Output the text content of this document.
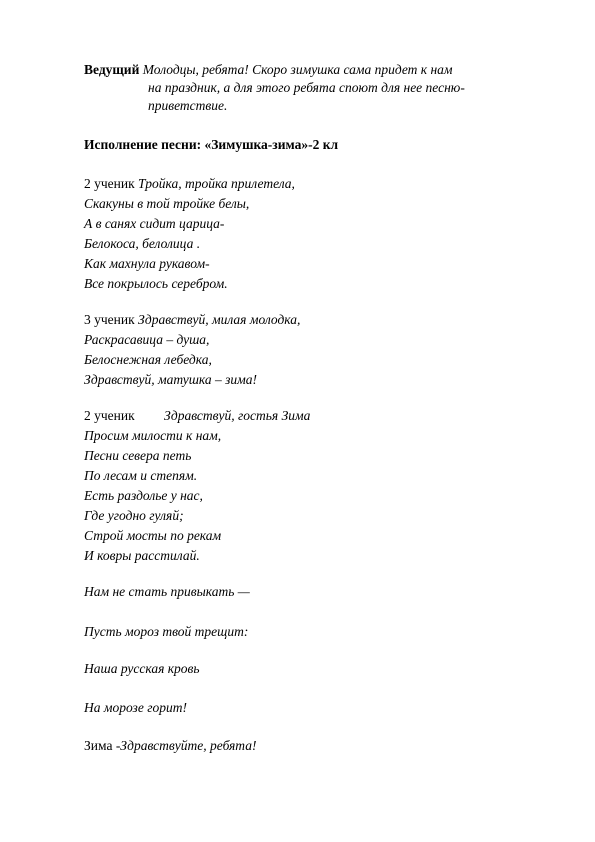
Ведущий Молодцы, ребята! Скоро зимушка сама придет к нам
на праздник, а для этого ребята споют для нее песню-
приветствие.
Исполнение песни: «Зимушка-зима»-2 кл
2 ученик Тройка, тройка прилетела,
Скакуны в той тройке белы,
А в санях сидит царица-
Белокоса, белолица .
Как махнула рукавом-
Все покрылось серебром.
3 ученик Здравствуй, милая молодка,
Раскрасавица – душа,
Белоснежная лебедка,
Здравствуй, матушка – зима!
2 ученик Здравствуй, гостья Зима
Просим милости к нам,
Песни севера петь
По лесам и степям.
Есть раздолье у нас,
Где угодно гуляй;
Строй мосты по рекам
И ковры расстилай.
Нам не стать привыкать —
Пусть мороз твой трещит:
Наша русская кровь
На морозе горит!
Зима -Здравствуйте, ребята!
